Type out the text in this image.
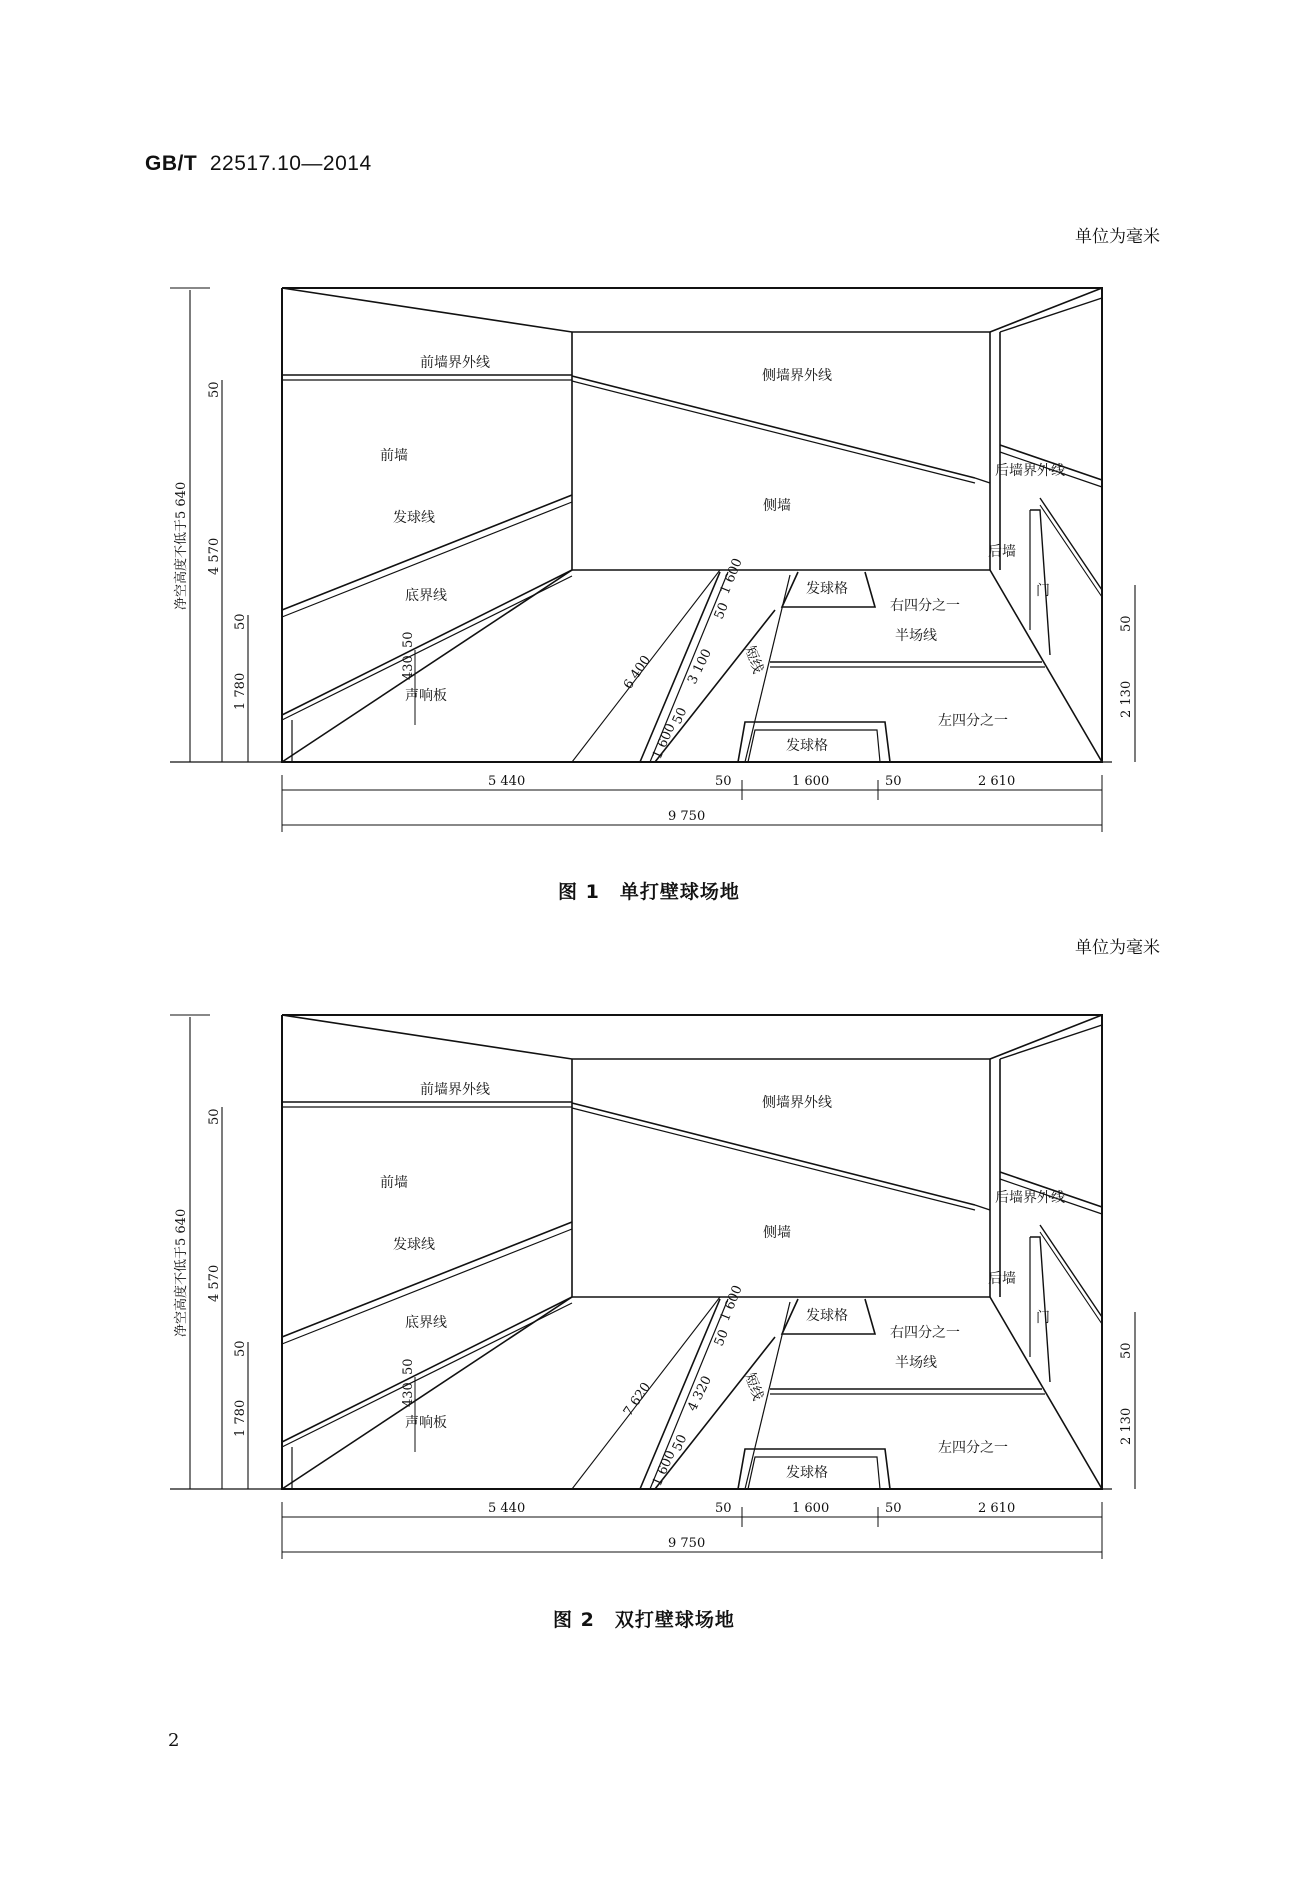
GB/T 22517.10—2014
单位为毫米
单位为毫米
前墙界外线
侧墙界外线
前墙
侧墙
后墙界外线
后墙
门
发球线
底界线
声响板
短线
发球格
右四分之一
半场线
左四分之一
发球格
净空高度不低于5 640 4 570
1 780
50
50
50
430	6 400 3 100
1 600
50
1 600
50
50
2 130
5 440	50	1 600	50	2 610
9 750
前墙界外线
侧墙界外线
前墙
侧墙
后墙界外线
后墙
门
发球线
底界线
声响板
短线
发球格
右四分之一
半场线
左四分之一
发球格
净空高度不低于5 640 4 570
1 780
50
50
50
430	7 620 4 320
1 600
50
1 600
50
50
2 130
5 440	50	1 600	50	2 610
9 750
图 1　单打壁球场地
图 2　双打壁球场地
2
